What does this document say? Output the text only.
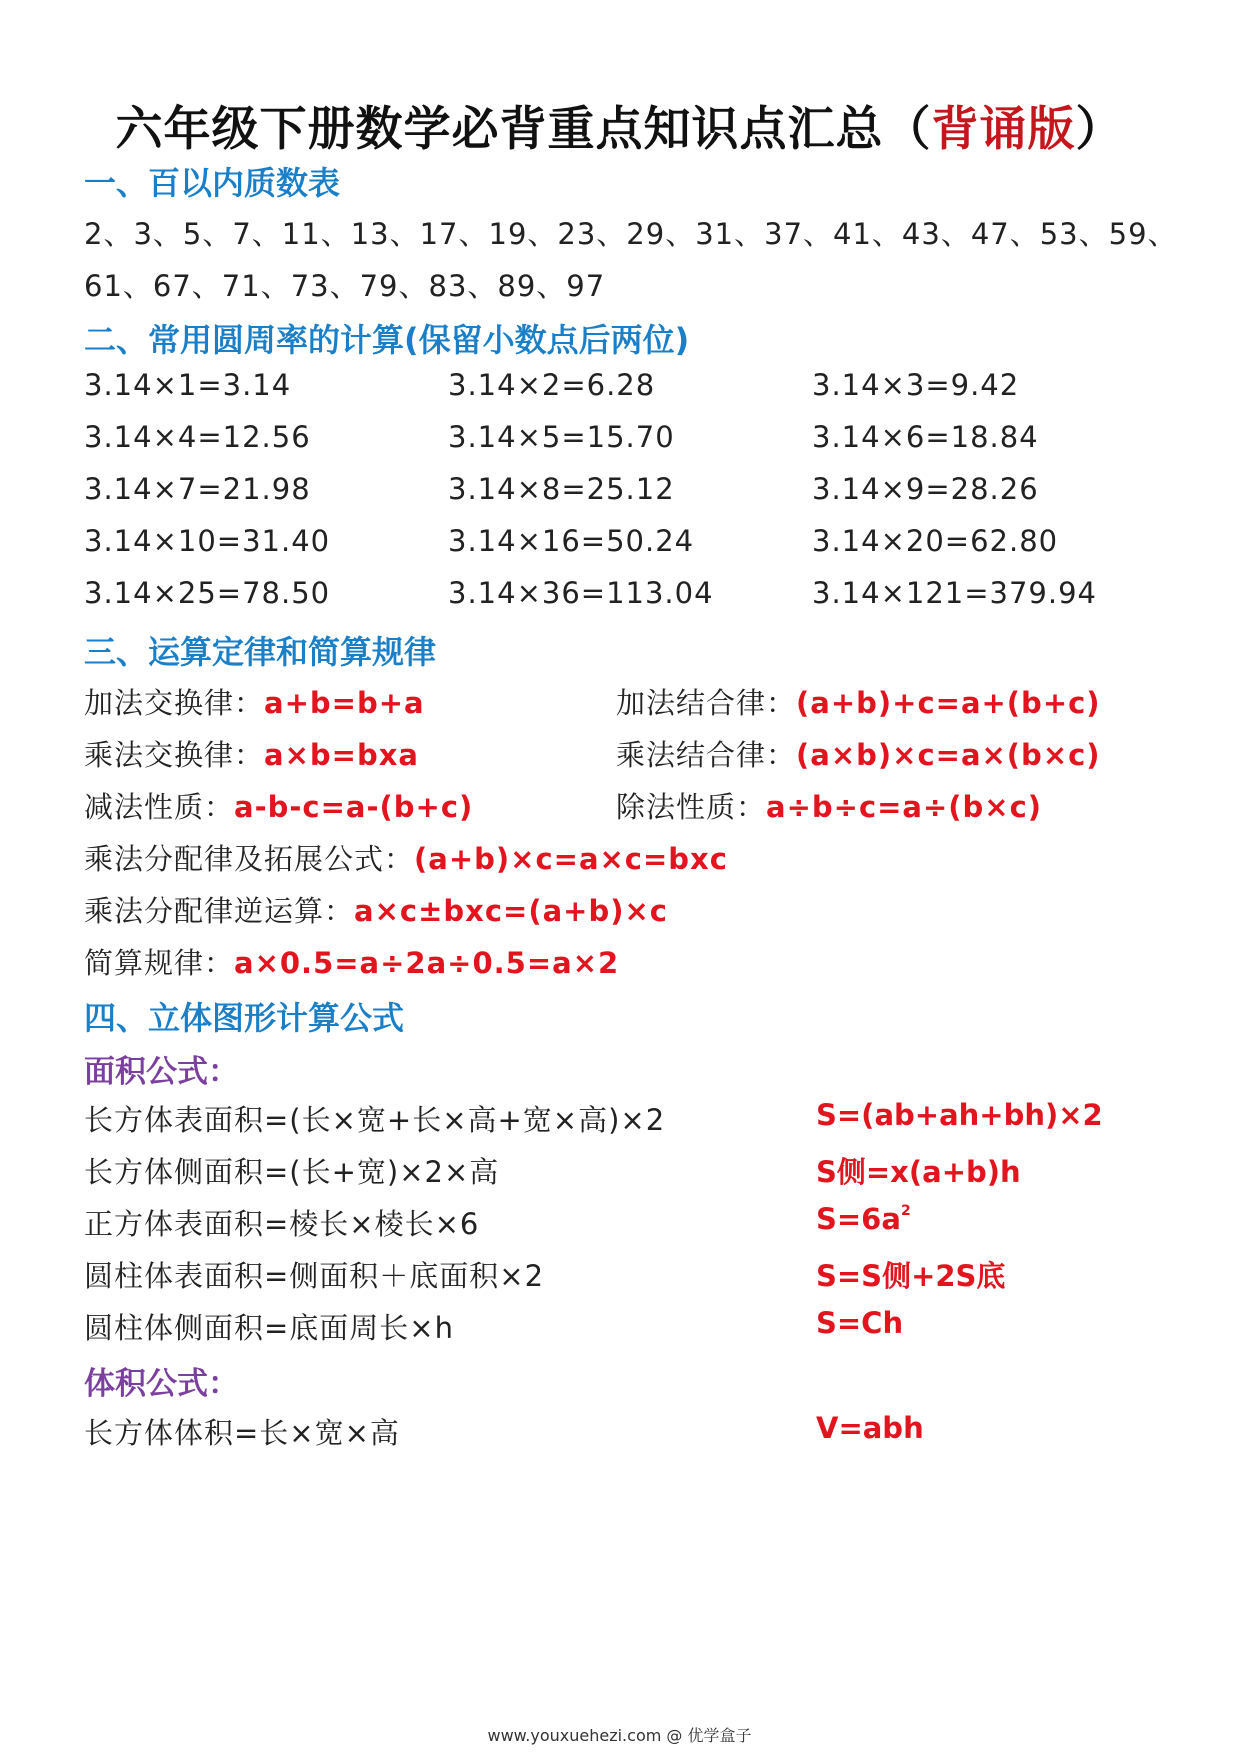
六年级下册数学必背重点知识点汇总（背诵版）
一、百以内质数表
2、3、5、7、11、13、17、19、23、29、31、37、41、43、47、53、59、
61、67、71、73、79、83、89、97
二、常用圆周率的计算(保留小数点后两位)
3.14×1=3.14	3.14×2=6.28	3.14×3=9.42
3.14×4=12.56	3.14×5=15.70	3.14×6=18.84
3.14×7=21.98	3.14×8=25.12	3.14×9=28.26
3.14×10=31.40	3.14×16=50.24	3.14×20=62.80
3.14×25=78.50	3.14×36=113.04	3.14×121=379.94
三、运算定律和简算规律
加法交换律：a+b=b+a	加法结合律：(a+b)+c=a+(b+c)
乘法交换律：a×b=bxa	乘法结合律：(a×b)×c=a×(b×c)
减法性质：a-b-c=a-(b+c)	除法性质：a÷b÷c=a÷(b×c)
乘法分配律及拓展公式：(a+b)×c=a×c=bxc
乘法分配律逆运算：a×c±bxc=(a+b)×c
简算规律：a×0.5=a÷2a÷0.5=a×2
四、立体图形计算公式
面积公式：
长方体表面积=(长×宽+长×高+宽×高)×2	S=(ab+ah+bh)×2
长方体侧面积=(长+宽)×2×高	S侧=x(a+b)h
正方体表面积=棱长×棱长×6	$S=6a^2$
圆柱体表面积=侧面积＋底面积×2	S=S侧+2S底
圆柱体侧面积=底面周长×h	S=Ch
体积公式：
长方体体积=长×宽×高	V=abh
www.youxuehezi.com @ 优学盒子
